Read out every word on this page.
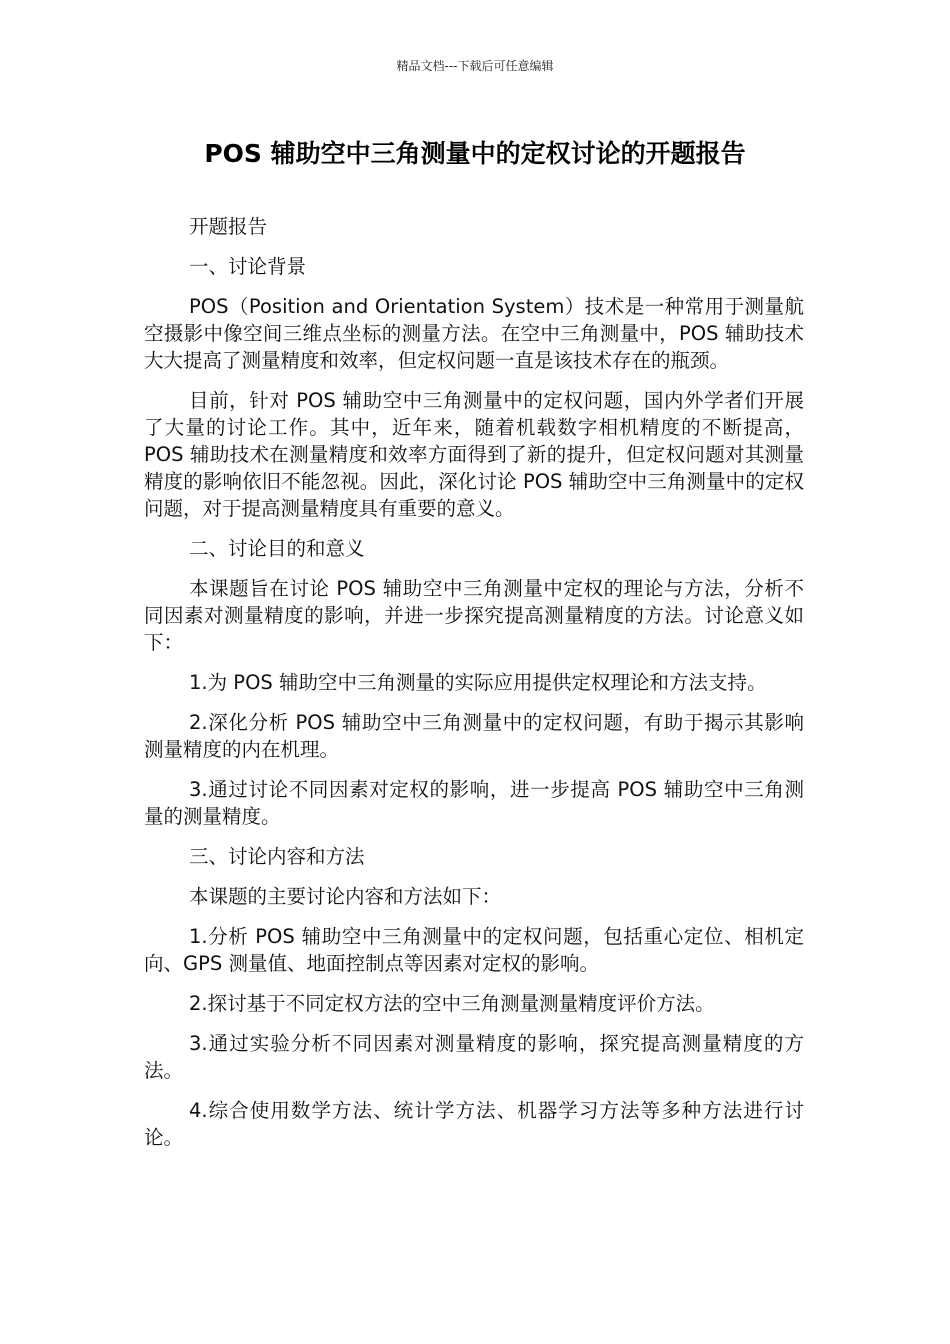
精品文档---下载后可任意编辑
POS 辅助空中三角测量中的定权讨论的开题报告

开题报告

一、讨论背景

POS（Position and Orientation System）技术是一种常用于测量航空摄影中像空间三维点坐标的测量方法。在空中三角测量中，POS 辅助技术大大提高了测量精度和效率，但定权问题一直是该技术存在的瓶颈。

目前，针对 POS 辅助空中三角测量中的定权问题，国内外学者们开展了大量的讨论工作。其中，近年来，随着机载数字相机精度的不断提高，POS 辅助技术在测量精度和效率方面得到了新的提升，但定权问题对其测量精度的影响依旧不能忽视。因此，深化讨论 POS 辅助空中三角测量中的定权问题，对于提高测量精度具有重要的意义。

二、讨论目的和意义

本课题旨在讨论 POS 辅助空中三角测量中定权的理论与方法，分析不同因素对测量精度的影响，并进一步探究提高测量精度的方法。讨论意义如下：

1.为 POS 辅助空中三角测量的实际应用提供定权理论和方法支持。

2.深化分析 POS 辅助空中三角测量中的定权问题，有助于揭示其影响测量精度的内在机理。

3.通过讨论不同因素对定权的影响，进一步提高 POS 辅助空中三角测量的测量精度。

三、讨论内容和方法

本课题的主要讨论内容和方法如下：

1.分析 POS 辅助空中三角测量中的定权问题，包括重心定位、相机定向、GPS 测量值、地面控制点等因素对定权的影响。

2.探讨基于不同定权方法的空中三角测量测量精度评价方法。

3.通过实验分析不同因素对测量精度的影响，探究提高测量精度的方法。

4.综合使用数学方法、统计学方法、机器学习方法等多种方法进行讨论。
